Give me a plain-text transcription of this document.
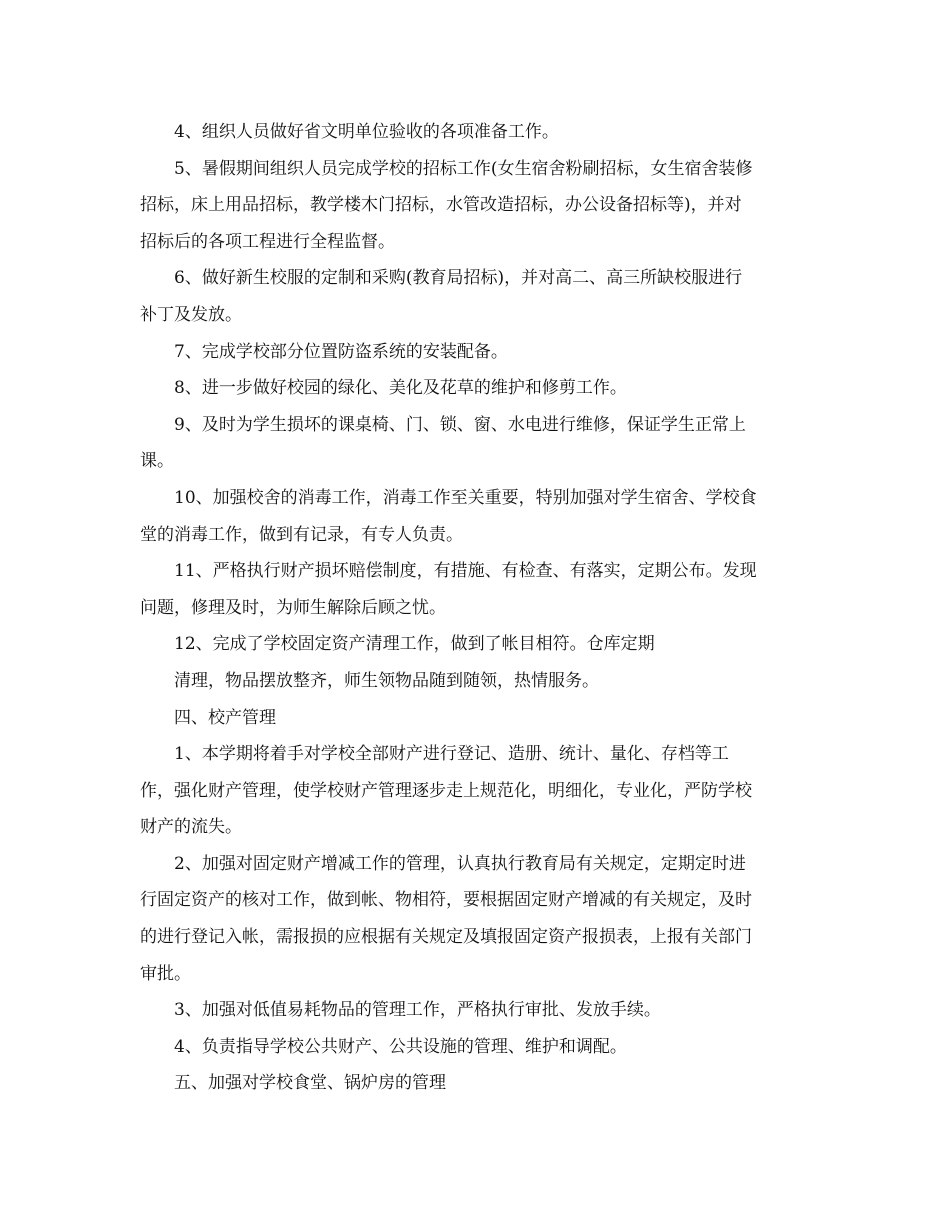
4、组织人员做好省文明单位验收的各项准备工作。

5、暑假期间组织人员完成学校的招标工作(女生宿舍粉刷招标，女生宿舍装修
招标，床上用品招标，教学楼木门招标，水管改造招标，办公设备招标等)，并对
招标后的各项工程进行全程监督。

6、做好新生校服的定制和采购(教育局招标)，并对高二、高三所缺校服进行
补丁及发放。

7、完成学校部分位置防盗系统的安装配备。

8、进一步做好校园的绿化、美化及花草的维护和修剪工作。

9、及时为学生损坏的课桌椅、门、锁、窗、水电进行维修，保证学生正常上
课。

10、加强校舍的消毒工作，消毒工作至关重要，特别加强对学生宿舍、学校食
堂的消毒工作，做到有记录，有专人负责。

11、严格执行财产损坏赔偿制度，有措施、有检查、有落实，定期公布。发现
问题，修理及时，为师生解除后顾之忧。

12、完成了学校固定资产清理工作，做到了帐目相符。仓库定期

清理，物品摆放整齐，师生领物品随到随领，热情服务。

四、校产管理

1、本学期将着手对学校全部财产进行登记、造册、统计、量化、存档等工
作，强化财产管理，使学校财产管理逐步走上规范化，明细化，专业化，严防学校
财产的流失。

2、加强对固定财产增减工作的管理，认真执行教育局有关规定，定期定时进
行固定资产的核对工作，做到帐、物相符，要根据固定财产增减的有关规定，及时
的进行登记入帐，需报损的应根据有关规定及填报固定资产报损表，上报有关部门
审批。

3、加强对低值易耗物品的管理工作，严格执行审批、发放手续。

4、负责指导学校公共财产、公共设施的管理、维护和调配。

五、加强对学校食堂、锅炉房的管理
